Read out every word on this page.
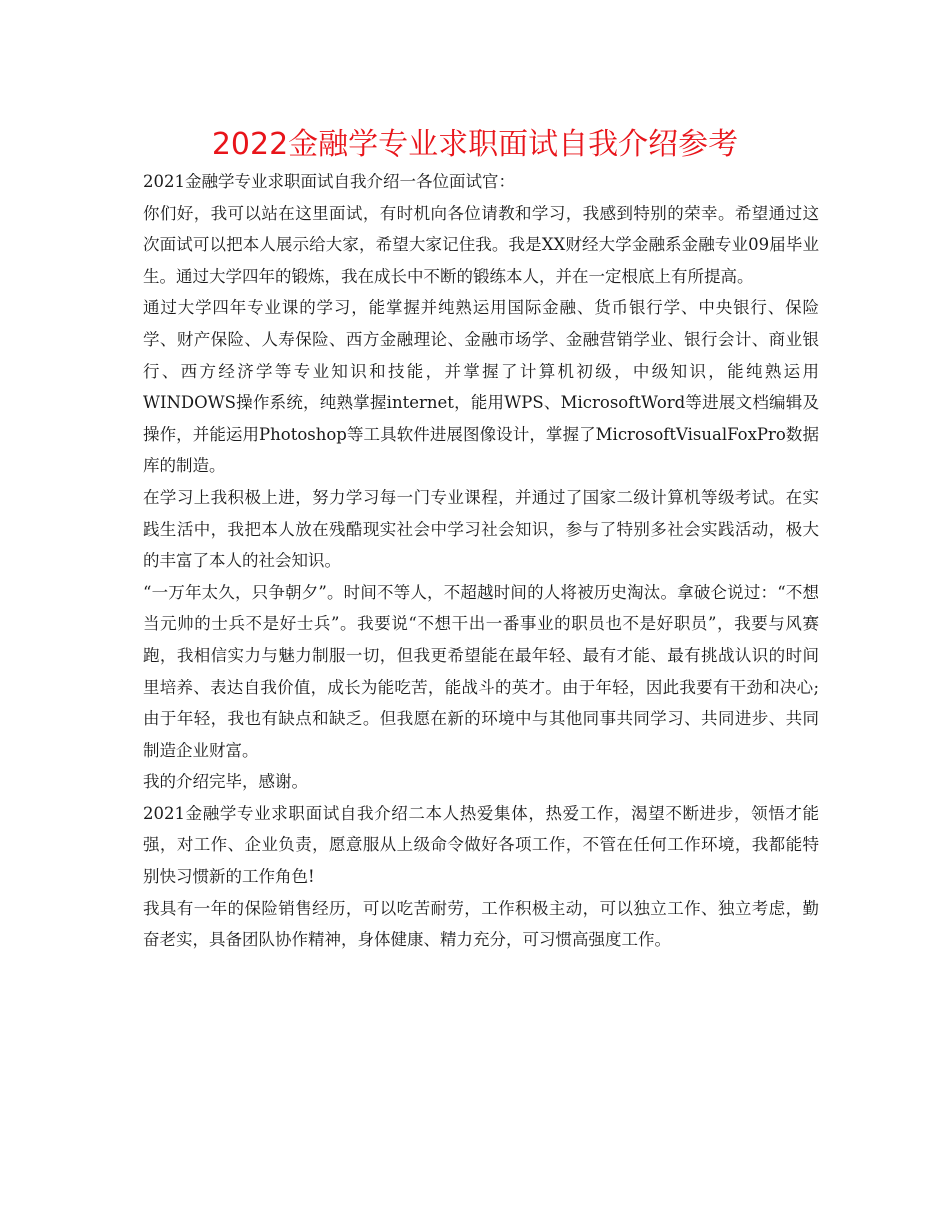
2022金融学专业求职面试自我介绍参考

2021金融学专业求职面试自我介绍一各位面试官：

你们好，我可以站在这里面试，有时机向各位请教和学习，我感到特别的荣幸。希望通过这次面试可以把本人展示给大家，希望大家记住我。我是XX财经大学金融系金融专业09届毕业生。通过大学四年的锻炼，我在成长中不断的锻练本人，并在一定根底上有所提高。

通过大学四年专业课的学习，能掌握并纯熟运用国际金融、货币银行学、中央银行、保险学、财产保险、人寿保险、西方金融理论、金融市场学、金融营销学业、银行会计、商业银行、西方经济学等专业知识和技能，并掌握了计算机初级，中级知识，能纯熟运用WINDOWS操作系统，纯熟掌握internet，能用WPS、MicrosoftWord等进展文档编辑及操作，并能运用Photoshop等工具软件进展图像设计，掌握了MicrosoftVisualFoxPro数据库的制造。

在学习上我积极上进，努力学习每一门专业课程，并通过了国家二级计算机等级考试。在实践生活中，我把本人放在残酷现实社会中学习社会知识，参与了特别多社会实践活动，极大的丰富了本人的社会知识。

“一万年太久，只争朝夕”。时间不等人，不超越时间的人将被历史淘汰。拿破仑说过：“不想当元帅的士兵不是好士兵”。我要说“不想干出一番事业的职员也不是好职员”，我要与风赛跑，我相信实力与魅力制服一切，但我更希望能在最年轻、最有才能、最有挑战认识的时间里培养、表达自我价值，成长为能吃苦，能战斗的英才。由于年轻，因此我要有干劲和决心;由于年轻，我也有缺点和缺乏。但我愿在新的环境中与其他同事共同学习、共同进步、共同制造企业财富。

我的介绍完毕，感谢。

2021金融学专业求职面试自我介绍二本人热爱集体，热爱工作，渴望不断进步，领悟才能强，对工作、企业负责，愿意服从上级命令做好各项工作，不管在任何工作环境，我都能特别快习惯新的工作角色!

我具有一年的保险销售经历，可以吃苦耐劳，工作积极主动，可以独立工作、独立考虑，勤奋老实，具备团队协作精神，身体健康、精力充分，可习惯高强度工作。
